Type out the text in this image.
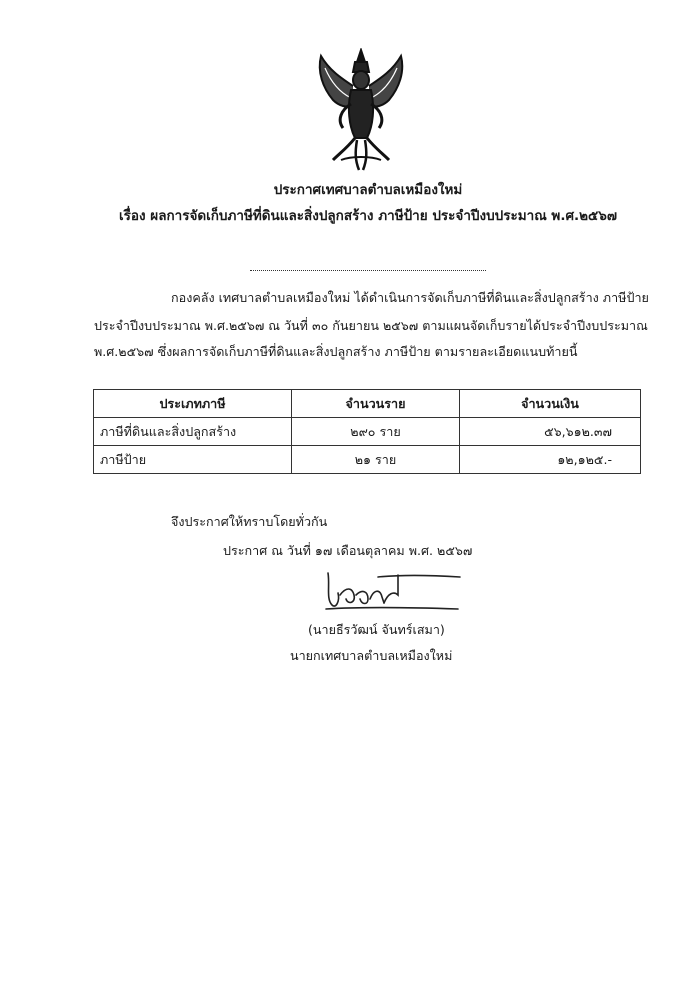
ประกาศเทศบาลตำบลเหมืองใหม่
เรื่อง ผลการจัดเก็บภาษีที่ดินและสิ่งปลูกสร้าง ภาษีป้าย ประจำปีงบประมาณ พ.ศ.๒๕๖๗
กองคลัง เทศบาลตำบลเหมืองใหม่ ได้ดำเนินการจัดเก็บภาษีที่ดินและสิ่งปลูกสร้าง ภาษีป้าย
ประจำปีงบประมาณ พ.ศ.๒๕๖๗ ณ วันที่ ๓๐ กันยายน ๒๕๖๗ ตามแผนจัดเก็บรายได้ประจำปีงบประมาณ
พ.ศ.๒๕๖๗ ซึ่งผลการจัดเก็บภาษีที่ดินและสิ่งปลูกสร้าง ภาษีป้าย ตามรายละเอียดแนบท้ายนี้
ประเภทภาษี	จำนวนราย	จำนวนเงิน
ภาษีที่ดินและสิ่งปลูกสร้าง	๒๙๐ ราย	๕๖,๖๑๒.๓๗
ภาษีป้าย	๒๑ ราย	๑๒,๑๒๕.-
จึงประกาศให้ทราบโดยทั่วกัน
ประกาศ ณ วันที่ ๑๗ เดือนตุลาคม พ.ศ. ๒๕๖๗
(นายธีรวัฒน์ จันทร์เสมา)
นายกเทศบาลตำบลเหมืองใหม่
